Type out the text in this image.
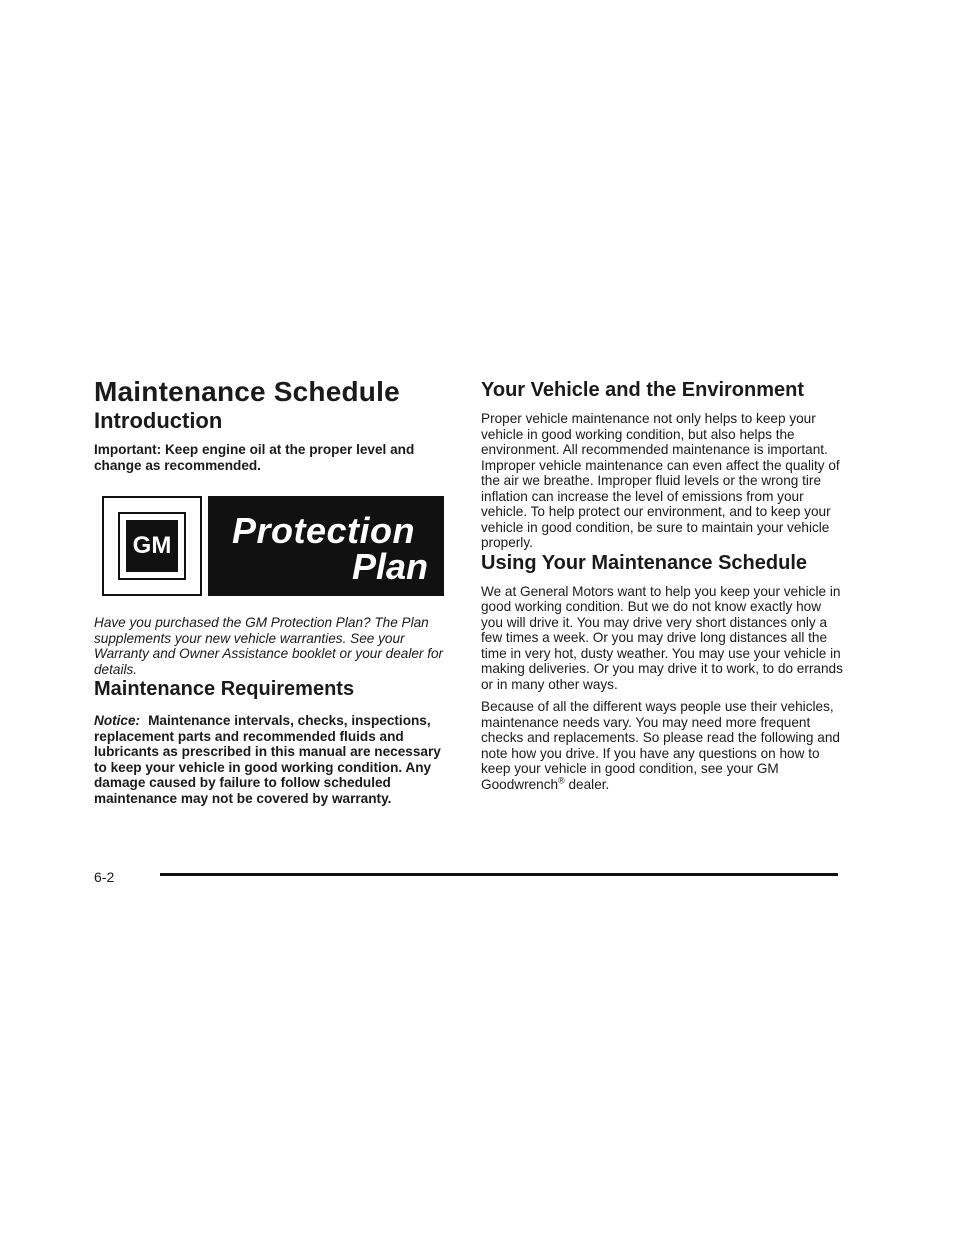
Maintenance Schedule
Introduction

Important: Keep engine oil at the proper level and change as recommended.

GM Protection
Plan

Have you purchased the GM Protection Plan? The Plan supplements your new vehicle warranties. See your Warranty and Owner Assistance booklet or your dealer for details.

Maintenance Requirements

Notice: Maintenance intervals, checks, inspections, replacement parts and recommended fluids and lubricants as prescribed in this manual are necessary to keep your vehicle in good working condition. Any damage caused by failure to follow scheduled maintenance may not be covered by warranty.

Your Vehicle and the Environment

Proper vehicle maintenance not only helps to keep your vehicle in good working condition, but also helps the environment. All recommended maintenance is important. Improper vehicle maintenance can even affect the quality of the air we breathe. Improper fluid levels or the wrong tire inflation can increase the level of emissions from your vehicle. To help protect our environment, and to keep your vehicle in good condition, be sure to maintain your vehicle properly.

Using Your Maintenance Schedule

We at General Motors want to help you keep your vehicle in good working condition. But we do not know exactly how you will drive it. You may drive very short distances only a few times a week. Or you may drive long distances all the time in very hot, dusty weather. You may use your vehicle in making deliveries. Or you may drive it to work, to do errands or in many other ways.

Because of all the different ways people use their vehicles, maintenance needs vary. You may need more frequent checks and replacements. So please read the following and note how you drive. If you have any questions on how to keep your vehicle in good condition, see your GM Goodwrench® dealer.

6-2
